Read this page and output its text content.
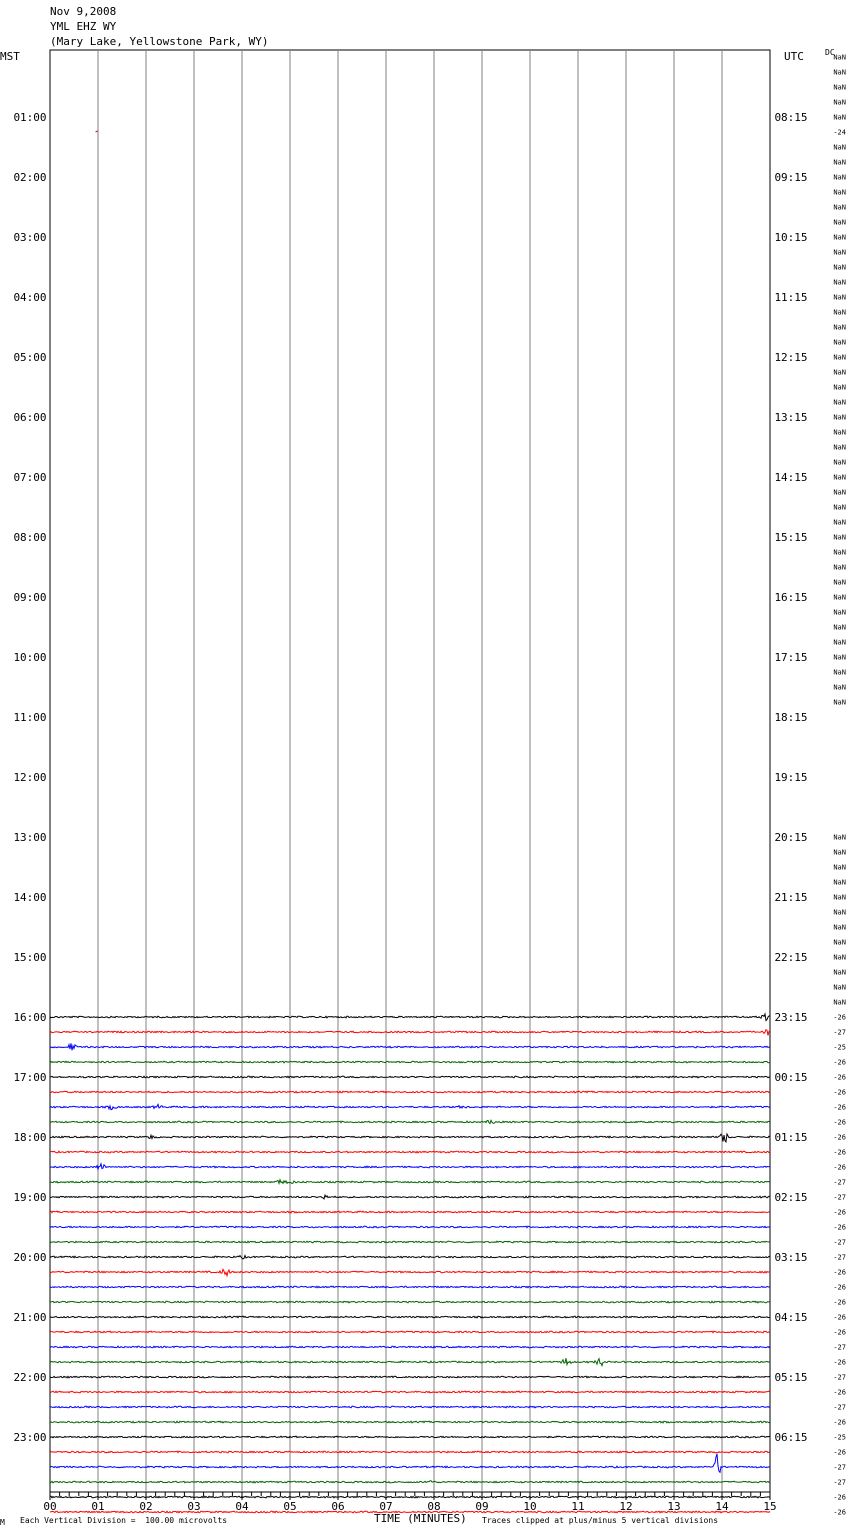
Nov 9,2008
YML EHZ WY
(Mary Lake, Yellowstone Park, WY)
MST	UTC	DC
00	01	02	03	04	05	06	07	08	09	10	11	12	13	14	15
01:00
02:00
03:00
04:00
05:00
06:00
07:00
08:00
09:00
10:00
11:00
12:00
13:00
14:00
15:00
16:00
17:00
18:00
19:00
20:00
21:00
22:00
23:00
08:15
09:15
10:15
11:15
12:15
13:15
14:15
15:15
16:15
17:15
18:15
19:15
20:15
21:15
22:15
23:15
00:15
01:15
02:15
03:15
04:15
05:15
06:15
NaN
NaN
NaN
NaN
NaN
-24
NaN
NaN
NaN
NaN
NaN
NaN
NaN
NaN
NaN
NaN
NaN
NaN
NaN
NaN
NaN
NaN
NaN
NaN
NaN
NaN
NaN
NaN
NaN
NaN
NaN
NaN
NaN
NaN
NaN
NaN
NaN
NaN
NaN
NaN
NaN
NaN
NaN
NaN
NaN
NaN
NaN
NaN
NaN
NaN
NaN
NaN
NaN
NaN
NaN
NaN
-26
-27
-25
-26
-26
-26
-26
-26
-26
-26
-26
-27
-27
-26
-26
-27
-27
-26
-26
-26
-26
-26
-27
-26
-27
-26
-27
-26
-25
-26
-27
-27
-26
-26
M Each Vertical Division =  100.00 microvolts	TIME (MINUTES) Traces clipped at plus/minus 5 vertical divisions
